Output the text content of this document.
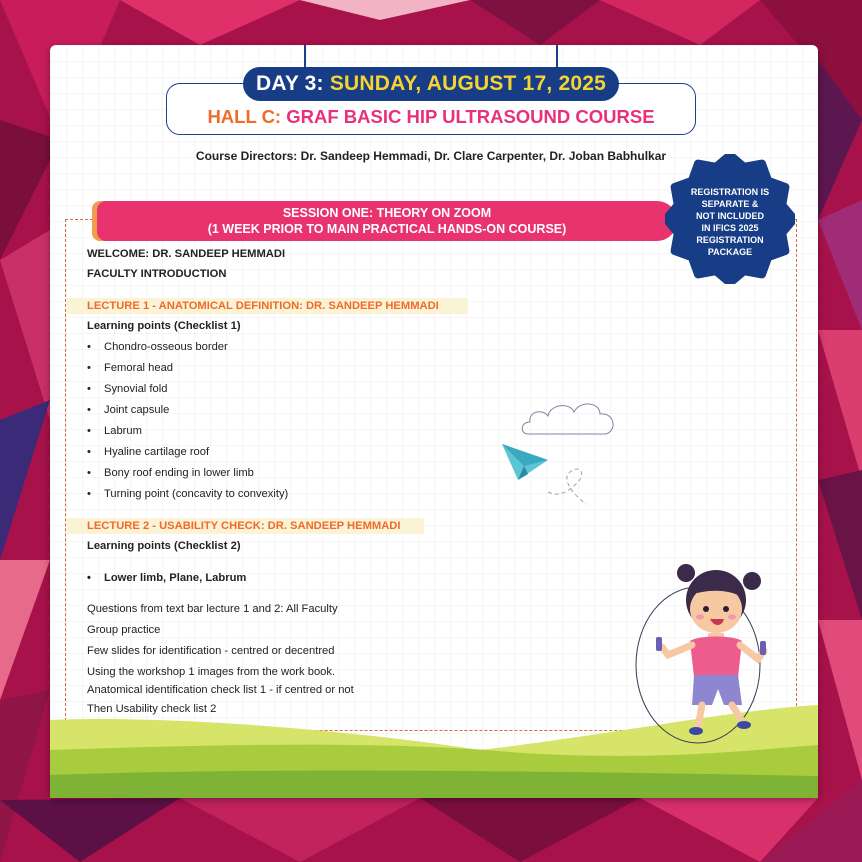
DAY 3: SUNDAY, AUGUST 17, 2025
HALL C: GRAF BASIC HIP ULTRASOUND COURSE
Course Directors: Dr. Sandeep Hemmadi, Dr. Clare Carpenter, Dr. Joban Babhulkar
SESSION ONE: THEORY ON ZOOM
(1 WEEK PRIOR TO MAIN PRACTICAL HANDS-ON COURSE)
REGISTRATION IS
SEPARATE &
NOT INCLUDED
IN IFICS 2025
REGISTRATION
PACKAGE
WELCOME: DR. SANDEEP HEMMADI
FACULTY INTRODUCTION
LECTURE 1 - ANATOMICAL DEFINITION: DR. SANDEEP HEMMADI
Learning points (Checklist 1)
• Chondro-osseous border
• Femoral head
• Synovial fold
• Joint capsule
• Labrum
• Hyaline cartilage roof
• Bony roof ending in lower limb
• Turning point (concavity to convexity)
LECTURE 2 - USABILITY CHECK: DR. SANDEEP HEMMADI
Learning points (Checklist 2)
• Lower limb, Plane, Labrum
Questions from text bar lecture 1 and 2: All Faculty
Group practice
Few slides for identification - centred or decentred
Using the workshop 1 images from the work book.
Anatomical identification check list 1 - if centred or not
Then Usability check list 2
